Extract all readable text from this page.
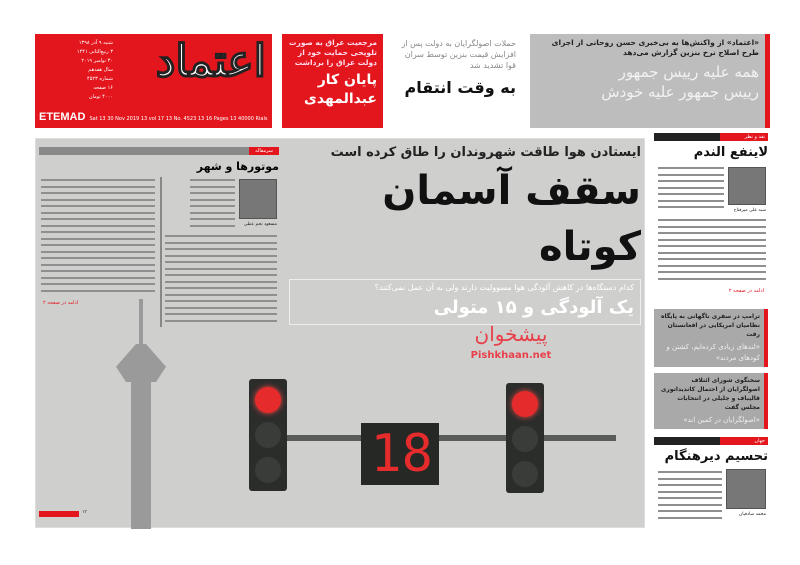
اعتماد
شنبه ۹ آذر ۱۳۹۸
۳ ربیع‌الثانی ۱۴۴۱
۳۰ نوامبر ۲۰۱۹
سال هفدهم
شماره ۴۵۲۳
۱۶ صفحه
۴۰۰۰ تومان
ETEMAD Sat 13 30 Nov 2019 13 vol 17 13 No. 4523 13 16 Pages 13 40000 Rials
مرجعیت عراق به صورت تلویحی حمایت خود از دولت عراق را برداشت
پایان کار عبدالمهدی
حملات اصولگرایان به دولت پس از افزایش قیمت بنزین توسط سران قوا تشدید شد
به وقت انتقام
«اعتماد» از واکنش‌ها به بی‌خبری حسن روحانی از اجرای طرح اصلاح نرخ بنزین گزارش می‌دهد
همه علیه رییس جمهور
رییس جمهور علیه خودش
18
پیشخوان
Pishkhaan.net
۱۳
سرمقاله
موتورها و شهر
مسعود نجم عطی
ادامه در صفحه ۲
ایستادن هوا طاقت شهروندان را طاق کرده است
سقف آسمان کوتاه
کدام دستگاه‌ها در کاهش آلودگی هوا مسوولیت دارند ولی به آن عمل نمی‌کنند؟
یک آلودگی و ۱۵ متولی
نقد و نظر
لاینفع الندم
سید علی میرفتاح
ادامه در صفحه ۲
ترامپ در سفری ناگهانی به پایگاه نظامیان امریکایی در افغانستان رفت
«لندهای زیادی کرده‌ایم، کشتن و کودهای مردند»
سخنگوی شورای ائتلاف اصولگرایان از احتمال کاندیداتوری قالیباف و جلیلی در انتخابات مجلس گفت
«اصولگرایان در کمین اند»
جهان
تحسیم دیرهنگام
محمد صادقیان
